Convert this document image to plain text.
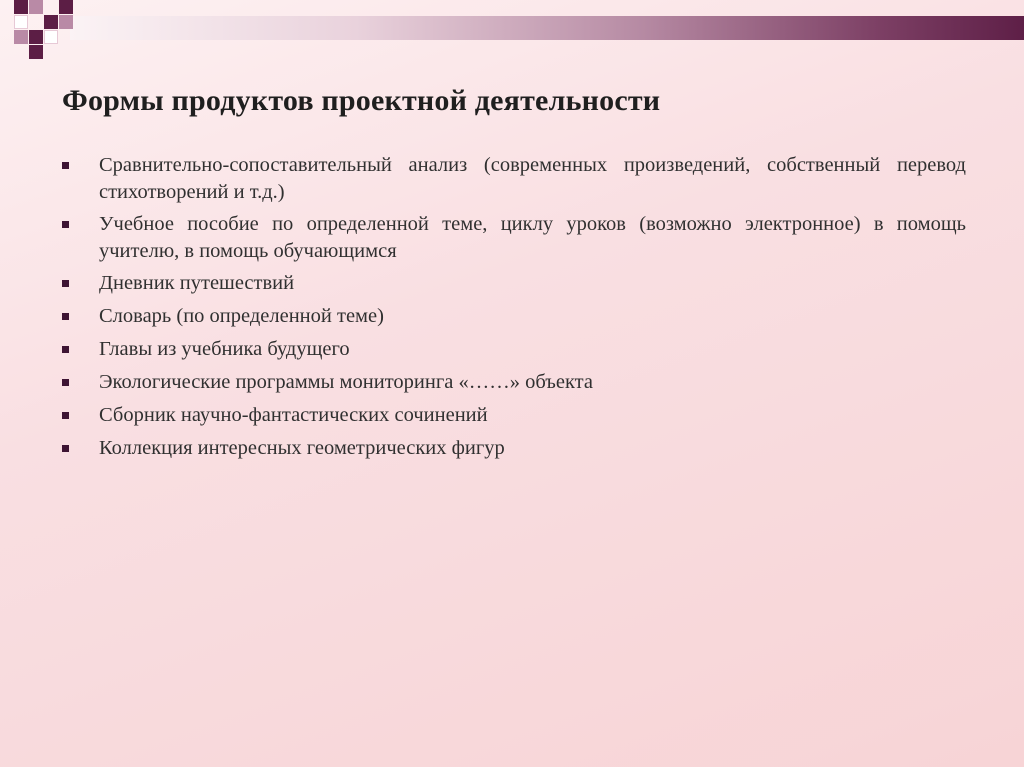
Формы продуктов проектной деятельности
Сравнительно-сопоставительный анализ (современных произведений, собственный перевод стихотворений и т.д.)
Учебное пособие по определенной теме, циклу уроков (возможно электронное) в помощь учителю, в помощь обучающимся
Дневник путешествий
Словарь (по определенной теме)
Главы из учебника будущего
Экологические программы мониторинга «……» объекта
Сборник научно-фантастических сочинений
Коллекция интересных геометрических фигур
